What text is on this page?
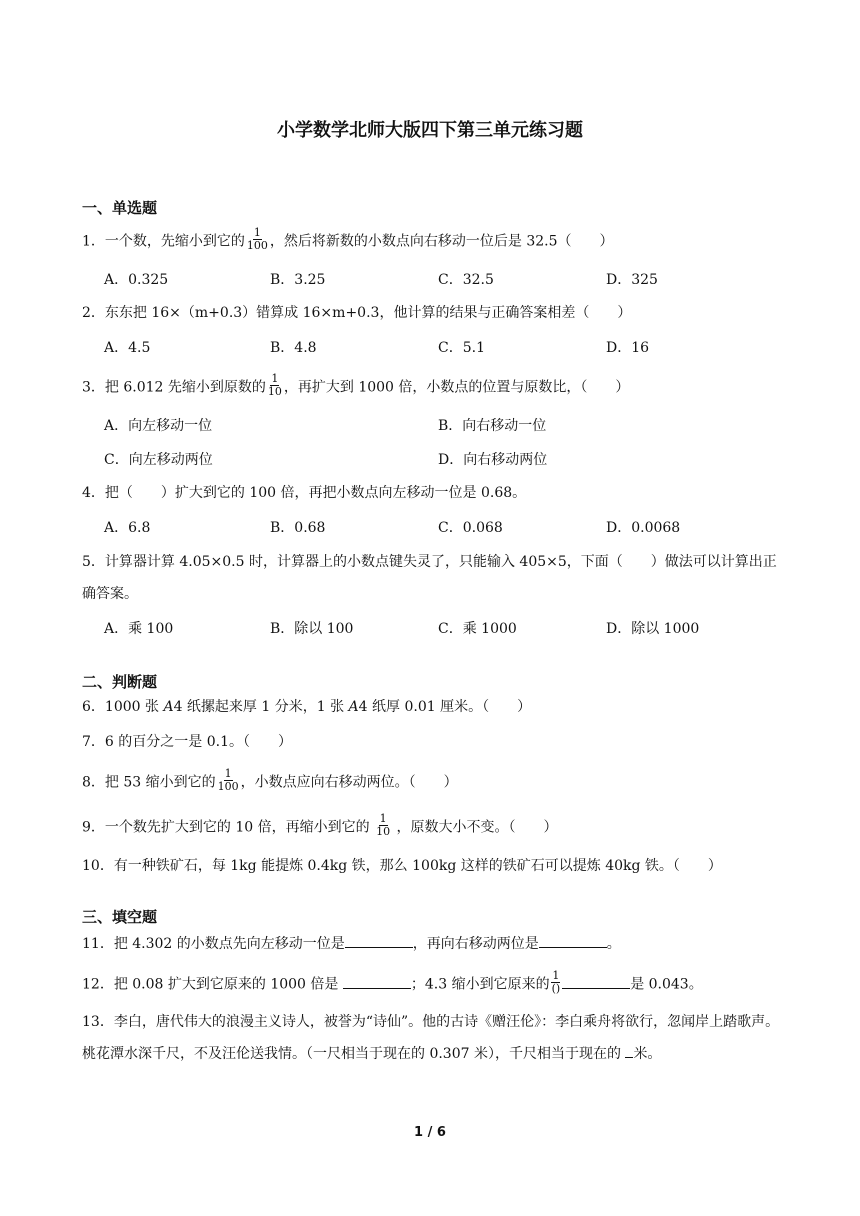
小学数学北师大版四下第三单元练习题
一、单选题
1．一个数，先缩小到它的 $\frac{1}{100}$ ，然后将新数的小数点向右移动一位后是 32.5（　　）
A．0.325	B．3.25	C．32.5	D．325
2．东东把 16×（m+0.3）错算成 16×m+0.3，他计算的结果与正确答案相差（　　）
A．4.5	B．4.8	C．5.1	D．16
3．把 6.012 先缩小到原数的 $\frac{1}{10}$ ，再扩大到 1000 倍，小数点的位置与原数比，（　　）
A．向左移动一位	B．向右移动一位
C．向左移动两位	D．向右移动两位
4．把（　　）扩大到它的 100 倍，再把小数点向左移动一位是 0.68。
A．6.8	B．0.68	C．0.068	D．0.0068
5．计算器计算 4.05×0.5 时，计算器上的小数点键失灵了，只能输入 405×5，下面（　　）做法可以计算出正确答案。
A．乘 100	B．除以 100	C．乘 1000	D．除以 1000
二、判断题
6．1000 张 A4 纸摞起来厚 1 分米，1 张 A4 纸厚 0.01 厘米。（　　）
7．6 的百分之一是 0.1。（　　）
8．把 53 缩小到它的 $\frac{1}{100}$ ，小数点应向右移动两位。（　　）
9．一个数先扩大到它的 10 倍，再缩小到它的 $\frac{1}{10}$ ，原数大小不变。（　　）
10．有一种铁矿石，每 1kg 能提炼 0.4kg 铁，那么 100kg 这样的铁矿石可以提炼 40kg 铁。（　　）
三、填空题
11．把 4.302 的小数点先向左移动一位是	，再向右移动两位是	。
12．把 0.08 扩大到它原来的 1000 倍是	；4.3 缩小到它原来的 $\frac{1}{()}$	是 0.043。
13．李白，唐代伟大的浪漫主义诗人，被誉为“诗仙”。他的古诗《赠汪伦》：李白乘舟将欲行，忽闻岸上踏歌声。桃花潭水深千尺，不及汪伦送我情。（一尺相当于现在的 0.307 米），千尺相当于现在的 米。
1 / 6
